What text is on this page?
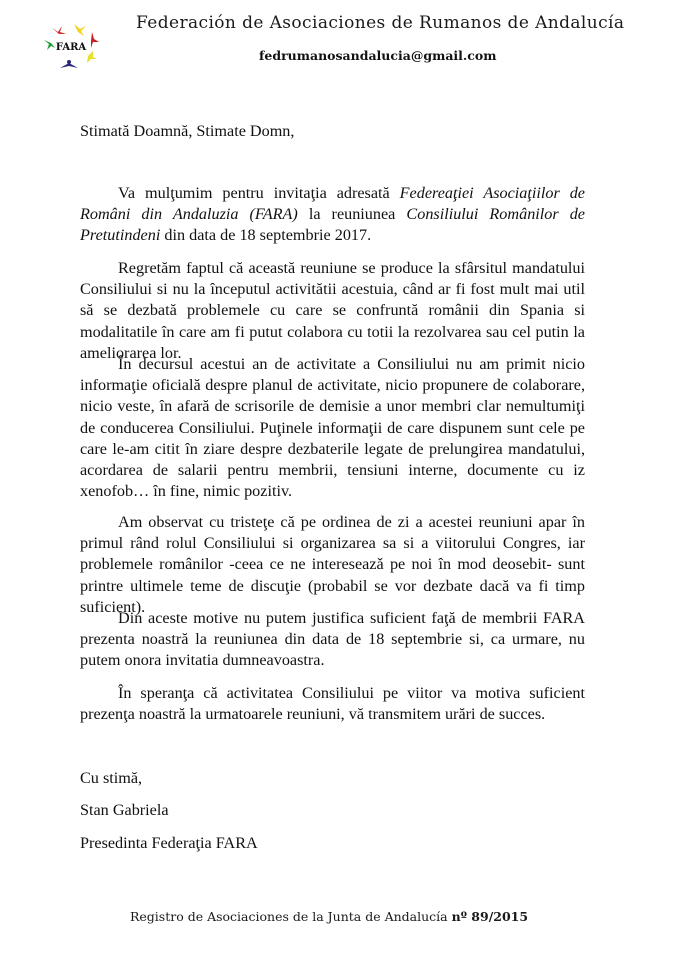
FARA
Federación de Asociaciones de Rumanos de Andalucía
fedrumanosandalucia@gmail.com
Stimată Doamnă, Stimate Domn,

Va mulţumim pentru invitaţia adresată Federeaţiei Asociaţiilor de Români din Andaluzia (FARA) la reuniunea Consiliului Românilor de Pretutindeni din data de 18 septembrie 2017.

Regretăm faptul că această reuniune se produce la sfârsitul mandatului Consiliului si nu la începutul activitătii acestuia, când ar fi fost mult mai util să se dezbată problemele cu care se confruntă românii din Spania si modalitatile în care am fi putut colabora cu totii la rezolvarea sau cel putin la ameliorarea lor.

În decursul acestui an de activitate a Consiliului nu am primit nicio informaţie oficială despre planul de activitate, nicio propunere de colaborare, nicio veste, în afară de scrisorile de demisie a unor membri clar nemultumiţi de conducerea Consiliului. Puţinele informaţii de care dispunem sunt cele pe care le-am citit în ziare despre dezbaterile legate de prelungirea mandatului, acordarea de salarii pentru membrii, tensiuni interne, documente cu iz xenofob… în fine, nimic pozitiv.

Am observat cu tristeţe că pe ordinea de zi a acestei reuniuni apar în primul rând rolul Consiliului si organizarea sa si a viitorului Congres, iar problemele românilor -ceea ce ne intereseazǎ pe noi în mod deosebit- sunt printre ultimele teme de discuţie (probabil se vor dezbate dacă va fi timp suficient).

Din aceste motive nu putem justifica suficient faţă de membrii FARA prezenta noastră la reuniunea din data de 18 septembrie si, ca urmare, nu putem onora invitatia dumneavoastra.

În speranţa că activitatea Consiliului pe viitor va motiva suficient prezenţa noastră la urmatoarele reuniuni, vă transmitem urări de succes.

Cu stimă,
Stan Gabriela
Presedinta Federaţia FARA
Registro de Asociaciones de la Junta de Andalucía nº 89/2015
